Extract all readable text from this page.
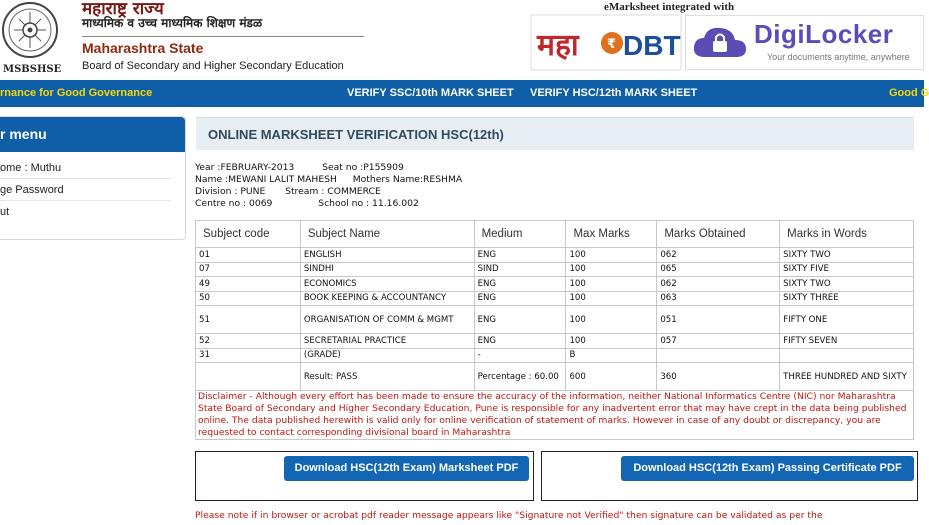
MSBSHSE
महाराष्ट्र राज्य
माध्यमिक व उच्च माध्यमिक शिक्षण मंडळ
Maharashtra State
Board of Secondary and Higher Secondary Education
eMarksheet integrated with
महा ₹ DBT	DigiLocker
Your documents anytime, anywhere
rnance for Good Governance	VERIFY SSC/10th MARK SHEET VERIFY HSC/12th MARK SHEET	Good G
r menu
ome : Muthu
ge Password
ut
ONLINE MARKSHEET VERIFICATION HSC(12th)
Year :FEBRUARY-2013	Seat no :P155909
Name :MEWANI LALIT MAHESH Mothers Name:RESHMA
Division : PUNE Stream : COMMERCE
Centre no : 0069	School no : 11.16.002
Subject code	Subject Name	Medium	Max Marks	Marks Obtained	Marks in Words
01	ENGLISH	ENG	100	062	SIXTY TWO
07	SINDHI	SIND	100	065	SIXTY FIVE
49	ECONOMICS	ENG	100	062	SIXTY TWO
50	BOOK KEEPING & ACCOUNTANCY	ENG	100	063	SIXTY THREE
51	ORGANISATION OF COMM & MGMT	ENG	100	051	FIFTY ONE
52	SECRETARIAL PRACTICE	ENG	100	057	FIFTY SEVEN
31	(GRADE)	-	B		
	Result: PASS	Percentage : 60.00	600	360	THREE HUNDRED AND SIXTY
Disclaimer - Although every effort has been made to ensure the accuracy of the information, neither National Informatics Centre (NIC) nor Maharashtra State Board of Secondary and Higher Secondary Education, Pune is responsible for any inadvertent error that may have crept in the data being published online. The data published herewith is valid only for online verification of statement of marks. However in case of any doubt or discrepancy, you are requested to contact corresponding divisional board in Maharashtra
Download HSC(12th Exam) Marksheet PDF	Download HSC(12th Exam) Passing Certificate PDF
Please note if in browser or acrobat pdf reader message appears like "Signature not Verified" then signature can be validated as per the
